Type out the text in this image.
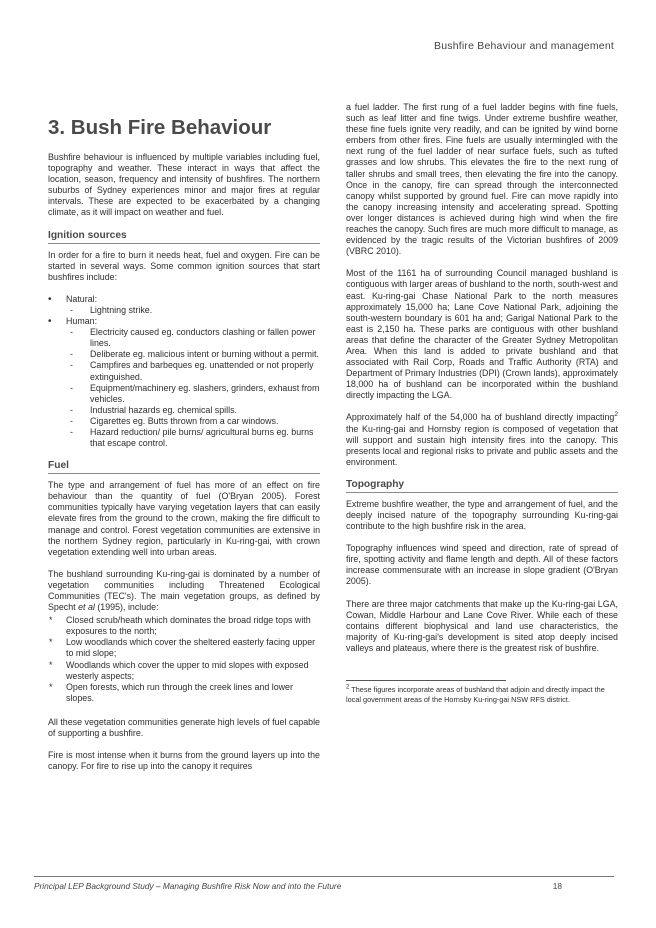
Bushfire Behaviour and management
3. Bush Fire Behaviour

Bushfire behaviour is influenced by multiple variables including fuel, topography and weather. These interact in ways that affect the location, season, frequency and intensity of bushfires. The northern suburbs of Sydney experiences minor and major fires at regular intervals. These are expected to be exacerbated by a changing climate, as it will impact on weather and fuel.

Ignition sources

In order for a fire to burn it needs heat, fuel and oxygen. Fire can be started in several ways. Some common ignition sources that start bushfires include:

• Natural:
- Lightning strike.
• Human:
- Electricity caused eg. conductors clashing or fallen power lines.
- Deliberate eg. malicious intent or burning without a permit.
- Campfires and barbeques eg. unattended or not properly extinguished.
- Equipment/machinery eg. slashers, grinders, exhaust from vehicles.
- Industrial hazards eg. chemical spills.
- Cigarettes eg. Butts thrown from a car windows.
- Hazard reduction/ pile burns/ agricultural burns eg. burns that escape control.
Fuel

The type and arrangement of fuel has more of an effect on fire behaviour than the quantity of fuel (O'Bryan 2005). Forest communities typically have varying vegetation layers that can easily elevate fires from the ground to the crown, making the fire difficult to manage and control. Forest vegetation communities are extensive in the northern Sydney region, particularly in Ku-ring-gai, with crown vegetation extending well into urban areas.

The bushland surrounding Ku-ring-gai is dominated by a number of vegetation communities including Threatened Ecological Communities (TEC's). The main vegetation groups, as defined by Specht et al (1995), include:

* Closed scrub/heath which dominates the broad ridge tops with exposures to the north;
* Low woodlands which cover the sheltered easterly facing upper to mid slope;
* Woodlands which cover the upper to mid slopes with exposed westerly aspects;
* Open forests, which run through the creek lines and lower slopes.

All these vegetation communities generate high levels of fuel capable of supporting a bushfire.

Fire is most intense when it burns from the ground layers up into the canopy. For fire to rise up into the canopy it requires

a fuel ladder. The first rung of a fuel ladder begins with fine fuels, such as leaf litter and fine twigs. Under extreme bushfire weather, these fine fuels ignite very readily, and can be ignited by wind borne embers from other fires. Fine fuels are usually intermingled with the next rung of the fuel ladder of near surface fuels, such as tufted grasses and low shrubs. This elevates the fire to the next rung of taller shrubs and small trees, then elevating the fire into the canopy. Once in the canopy, fire can spread through the interconnected canopy whilst supported by ground fuel. Fire can move rapidly into the canopy increasing intensity and accelerating spread. Spotting over longer distances is achieved during high wind when the fire reaches the canopy. Such fires are much more difficult to manage, as evidenced by the tragic results of the Victorian bushfires of 2009 (VBRC 2010).

Most of the 1161 ha of surrounding Council managed bushland is contiguous with larger areas of bushland to the north, south-west and east. Ku-ring-gai Chase National Park to the north measures approximately 15,000 ha; Lane Cove National Park, adjoining the south-western boundary is 601 ha and; Garigal National Park to the east is 2,150 ha. These parks are contiguous with other bushland areas that define the character of the Greater Sydney Metropolitan Area. When this land is added to private bushland and that associated with Rail Corp, Roads and Traffic Authority (RTA) and Department of Primary Industries (DPI) (Crown lands), approximately 18,000 ha of bushland can be incorporated within the bushland directly impacting the LGA.

Approximately half of the 54,000 ha of bushland directly impacting$^2$ the Ku-ring-gai and Hornsby region is composed of vegetation that will support and sustain high intensity fires into the canopy. This presents local and regional risks to private and public assets and the environment.

Topography

Extreme bushfire weather, the type and arrangement of fuel, and the deeply incised nature of the topography surrounding Ku-ring-gai contribute to the high bushfire risk in the area.

Topography influences wind speed and direction, rate of spread of fire, spotting activity and flame length and depth. All of these factors increase commensurate with an increase in slope gradient (O'Bryan 2005).

There are three major catchments that make up the Ku-ring-gai LGA, Cowan, Middle Harbour and Lane Cove River. While each of these contains different biophysical and land use characteristics, the majority of Ku-ring-gai's development is sited atop deeply incised valleys and plateaus, where there is the greatest risk of bushfire.

$^2$ These figures incorporate areas of bushland that adjoin and directly impact the local government areas of the Hornsby Ku-ring-gai NSW RFS district.

Principal LEP Background Study – Managing Bushfire Risk Now and into the Future	18
